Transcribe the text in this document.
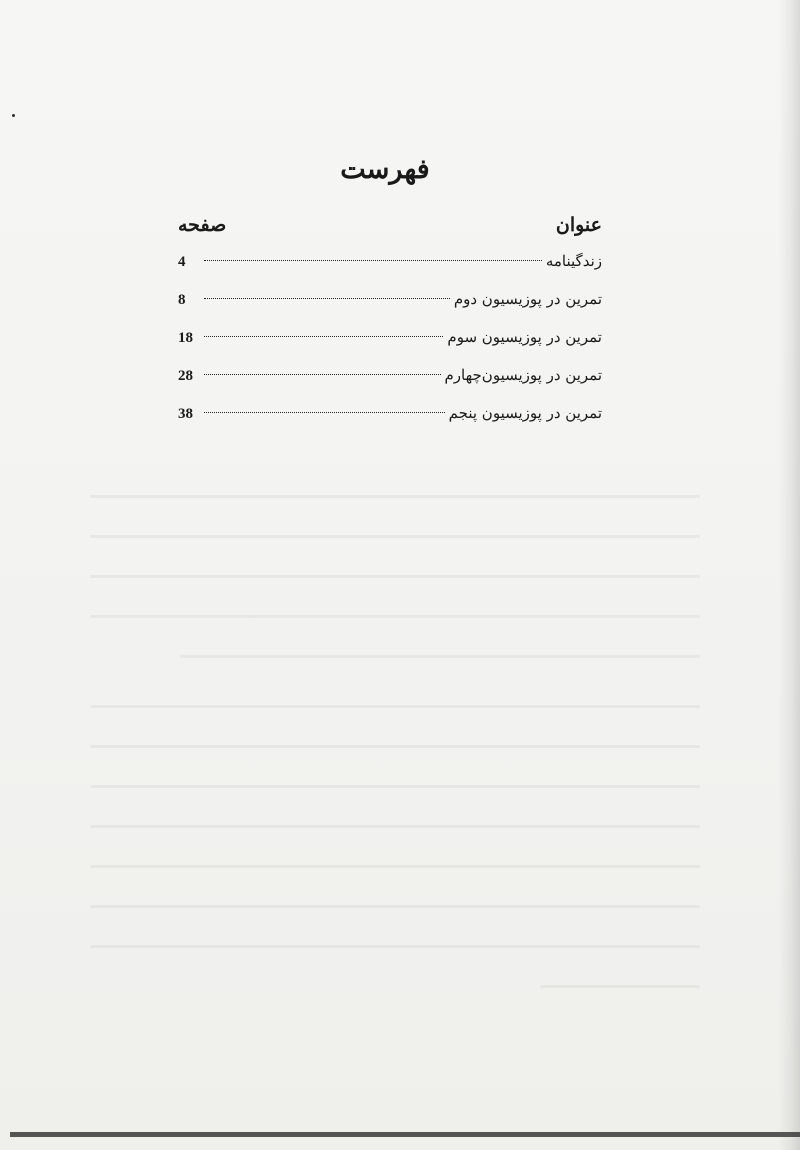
فهرست
عنوان
صفحه
زندگینامه
4
تمرین در پوزیسیون دوم
8
تمرین در پوزیسیون سوم
18
تمرین در پوزیسیون‌چهارم
28
تمرین در پوزیسیون پنجم
38
